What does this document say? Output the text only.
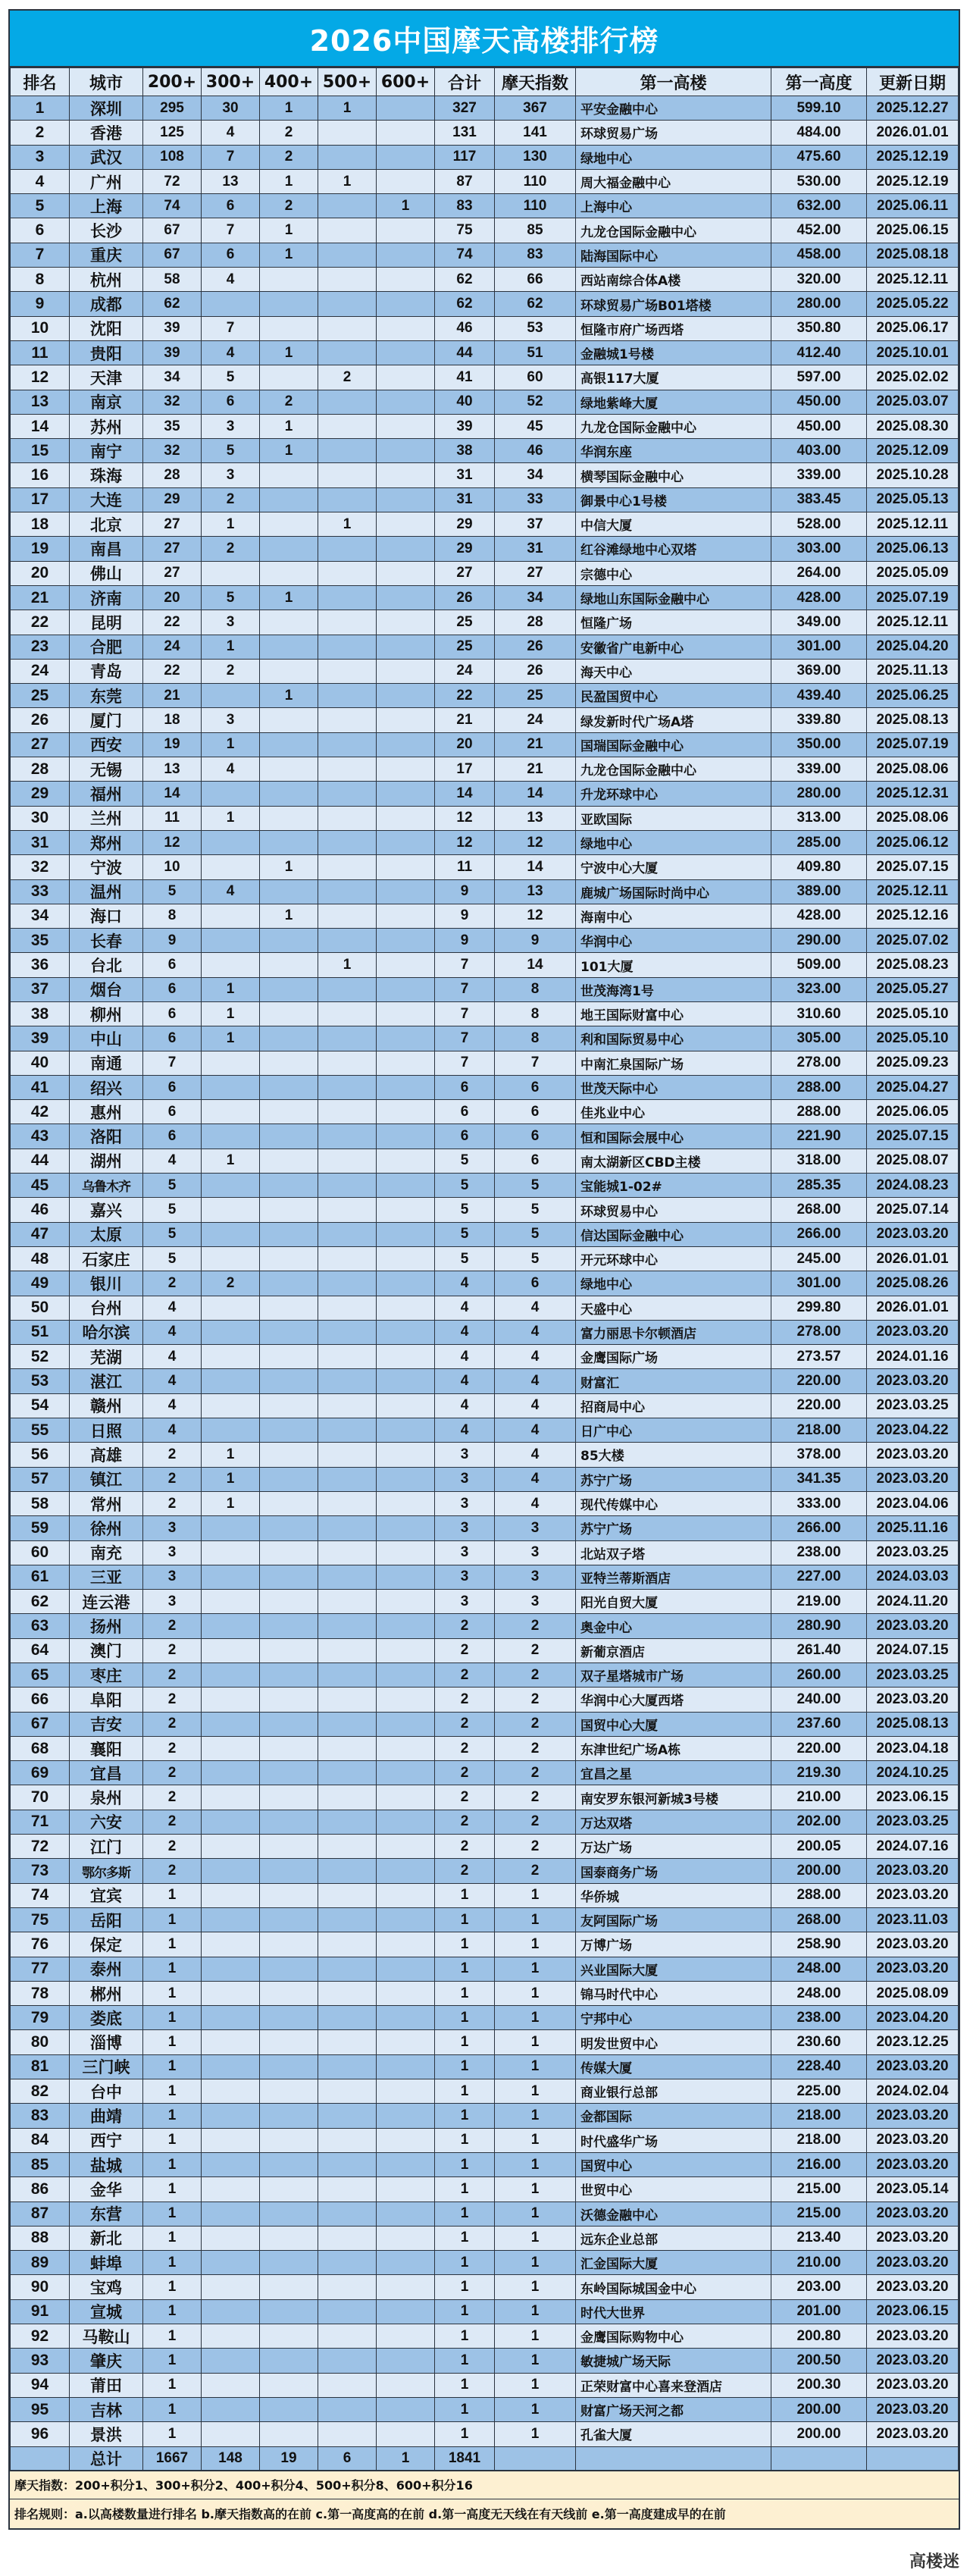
2026中国摩天高楼排行榜
排名	城市	200+	300+	400+	500+	600+	合计	摩天指数	第一高楼	第一高度	更新日期
1	深圳	295	30	1	1		327	367	平安金融中心	599.10	2025.12.27
2	香港	125	4	2			131	141	环球贸易广场	484.00	2026.01.01
3	武汉	108	7	2			117	130	绿地中心	475.60	2025.12.19
4	广州	72	13	1	1		87	110	周大福金融中心	530.00	2025.12.19
5	上海	74	6	2		1	83	110	上海中心	632.00	2025.06.11
6	长沙	67	7	1			75	85	九龙仓国际金融中心	452.00	2025.06.15
7	重庆	67	6	1			74	83	陆海国际中心	458.00	2025.08.18
8	杭州	58	4				62	66	西站南综合体A楼	320.00	2025.12.11
9	成都	62					62	62	环球贸易广场B01塔楼	280.00	2025.05.22
10	沈阳	39	7				46	53	恒隆市府广场西塔	350.80	2025.06.17
11	贵阳	39	4	1			44	51	金融城1号楼	412.40	2025.10.01
12	天津	34	5		2		41	60	高银117大厦	597.00	2025.02.02
13	南京	32	6	2			40	52	绿地紫峰大厦	450.00	2025.03.07
14	苏州	35	3	1			39	45	九龙仓国际金融中心	450.00	2025.08.30
15	南宁	32	5	1			38	46	华润东座	403.00	2025.12.09
16	珠海	28	3				31	34	横琴国际金融中心	339.00	2025.10.28
17	大连	29	2				31	33	御景中心1号楼	383.45	2025.05.13
18	北京	27	1		1		29	37	中信大厦	528.00	2025.12.11
19	南昌	27	2				29	31	红谷滩绿地中心双塔	303.00	2025.06.13
20	佛山	27					27	27	宗德中心	264.00	2025.05.09
21	济南	20	5	1			26	34	绿地山东国际金融中心	428.00	2025.07.19
22	昆明	22	3				25	28	恒隆广场	349.00	2025.12.11
23	合肥	24	1				25	26	安徽省广电新中心	301.00	2025.04.20
24	青岛	22	2				24	26	海天中心	369.00	2025.11.13
25	东莞	21		1			22	25	民盈国贸中心	439.40	2025.06.25
26	厦门	18	3				21	24	绿发新时代广场A塔	339.80	2025.08.13
27	西安	19	1				20	21	国瑞国际金融中心	350.00	2025.07.19
28	无锡	13	4				17	21	九龙仓国际金融中心	339.00	2025.08.06
29	福州	14					14	14	升龙环球中心	280.00	2025.12.31
30	兰州	11	1				12	13	亚欧国际	313.00	2025.08.06
31	郑州	12					12	12	绿地中心	285.00	2025.06.12
32	宁波	10		1			11	14	宁波中心大厦	409.80	2025.07.15
33	温州	5	4				9	13	鹿城广场国际时尚中心	389.00	2025.12.11
34	海口	8		1			9	12	海南中心	428.00	2025.12.16
35	长春	9					9	9	华润中心	290.00	2025.07.02
36	台北	6			1		7	14	101大厦	509.00	2025.08.23
37	烟台	6	1				7	8	世茂海湾1号	323.00	2025.05.27
38	柳州	6	1				7	8	地王国际财富中心	310.60	2025.05.10
39	中山	6	1				7	8	利和国际贸易中心	305.00	2025.05.10
40	南通	7					7	7	中南汇泉国际广场	278.00	2025.09.23
41	绍兴	6					6	6	世茂天际中心	288.00	2025.04.27
42	惠州	6					6	6	佳兆业中心	288.00	2025.06.05
43	洛阳	6					6	6	恒和国际会展中心	221.90	2025.07.15
44	湖州	4	1				5	6	南太湖新区CBD主楼	318.00	2025.08.07
45	乌鲁木齐	5					5	5	宝能城1-02#	285.35	2024.08.23
46	嘉兴	5					5	5	环球贸易中心	268.00	2025.07.14
47	太原	5					5	5	信达国际金融中心	266.00	2023.03.20
48	石家庄	5					5	5	开元环球中心	245.00	2026.01.01
49	银川	2	2				4	6	绿地中心	301.00	2025.08.26
50	台州	4					4	4	天盛中心	299.80	2026.01.01
51	哈尔滨	4					4	4	富力丽思卡尔顿酒店	278.00	2023.03.20
52	芜湖	4					4	4	金鹰国际广场	273.57	2024.01.16
53	湛江	4					4	4	财富汇	220.00	2023.03.20
54	赣州	4					4	4	招商局中心	220.00	2023.03.25
55	日照	4					4	4	日广中心	218.00	2023.04.22
56	高雄	2	1				3	4	85大楼	378.00	2023.03.20
57	镇江	2	1				3	4	苏宁广场	341.35	2023.03.20
58	常州	2	1				3	4	现代传媒中心	333.00	2023.04.06
59	徐州	3					3	3	苏宁广场	266.00	2025.11.16
60	南充	3					3	3	北站双子塔	238.00	2023.03.25
61	三亚	3					3	3	亚特兰蒂斯酒店	227.00	2024.03.03
62	连云港	3					3	3	阳光自贸大厦	219.00	2024.11.20
63	扬州	2					2	2	奥金中心	280.90	2023.03.20
64	澳门	2					2	2	新葡京酒店	261.40	2024.07.15
65	枣庄	2					2	2	双子星塔城市广场	260.00	2023.03.25
66	阜阳	2					2	2	华润中心大厦西塔	240.00	2023.03.20
67	吉安	2					2	2	国贸中心大厦	237.60	2025.08.13
68	襄阳	2					2	2	东津世纪广场A栋	220.00	2023.04.18
69	宜昌	2					2	2	宜昌之星	219.30	2024.10.25
70	泉州	2					2	2	南安罗东银河新城3号楼	210.00	2023.06.15
71	六安	2					2	2	万达双塔	202.00	2023.03.25
72	江门	2					2	2	万达广场	200.05	2024.07.16
73	鄂尔多斯	2					2	2	国泰商务广场	200.00	2023.03.20
74	宜宾	1					1	1	华侨城	288.00	2023.03.20
75	岳阳	1					1	1	友阿国际广场	268.00	2023.11.03
76	保定	1					1	1	万博广场	258.90	2023.03.20
77	泰州	1					1	1	兴业国际大厦	248.00	2023.03.20
78	郴州	1					1	1	锦马时代中心	248.00	2025.08.09
79	娄底	1					1	1	宁邦中心	238.00	2023.04.20
80	淄博	1					1	1	明发世贸中心	230.60	2023.12.25
81	三门峡	1					1	1	传媒大厦	228.40	2023.03.20
82	台中	1					1	1	商业银行总部	225.00	2024.02.04
83	曲靖	1					1	1	金都国际	218.00	2023.03.20
84	西宁	1					1	1	时代盛华广场	218.00	2023.03.20
85	盐城	1					1	1	国贸中心	216.00	2023.03.20
86	金华	1					1	1	世贸中心	215.00	2023.05.14
87	东营	1					1	1	沃德金融中心	215.00	2023.03.20
88	新北	1					1	1	远东企业总部	213.40	2023.03.20
89	蚌埠	1					1	1	汇金国际大厦	210.00	2023.03.20
90	宝鸡	1					1	1	东岭国际城国金中心	203.00	2023.03.20
91	宣城	1					1	1	时代大世界	201.00	2023.06.15
92	马鞍山	1					1	1	金鹰国际购物中心	200.80	2023.03.20
93	肇庆	1					1	1	敏捷城广场天际	200.50	2023.03.20
94	莆田	1					1	1	正荣财富中心喜来登酒店	200.30	2023.03.20
95	吉林	1					1	1	财富广场天河之都	200.00	2023.03.20
96	景洪	1					1	1	孔雀大厦	200.00	2023.03.20
	总计	1667	148	19	6	1	1841				
摩天指数：200+积分1、300+积分2、400+积分4、500+积分8、600+积分16
排名规则：a.以高楼数量进行排名 b.摩天指数高的在前 c.第一高度高的在前 d.第一高度无天线在有天线前 e.第一高度建成早的在前
@高楼迷吧
高楼迷
